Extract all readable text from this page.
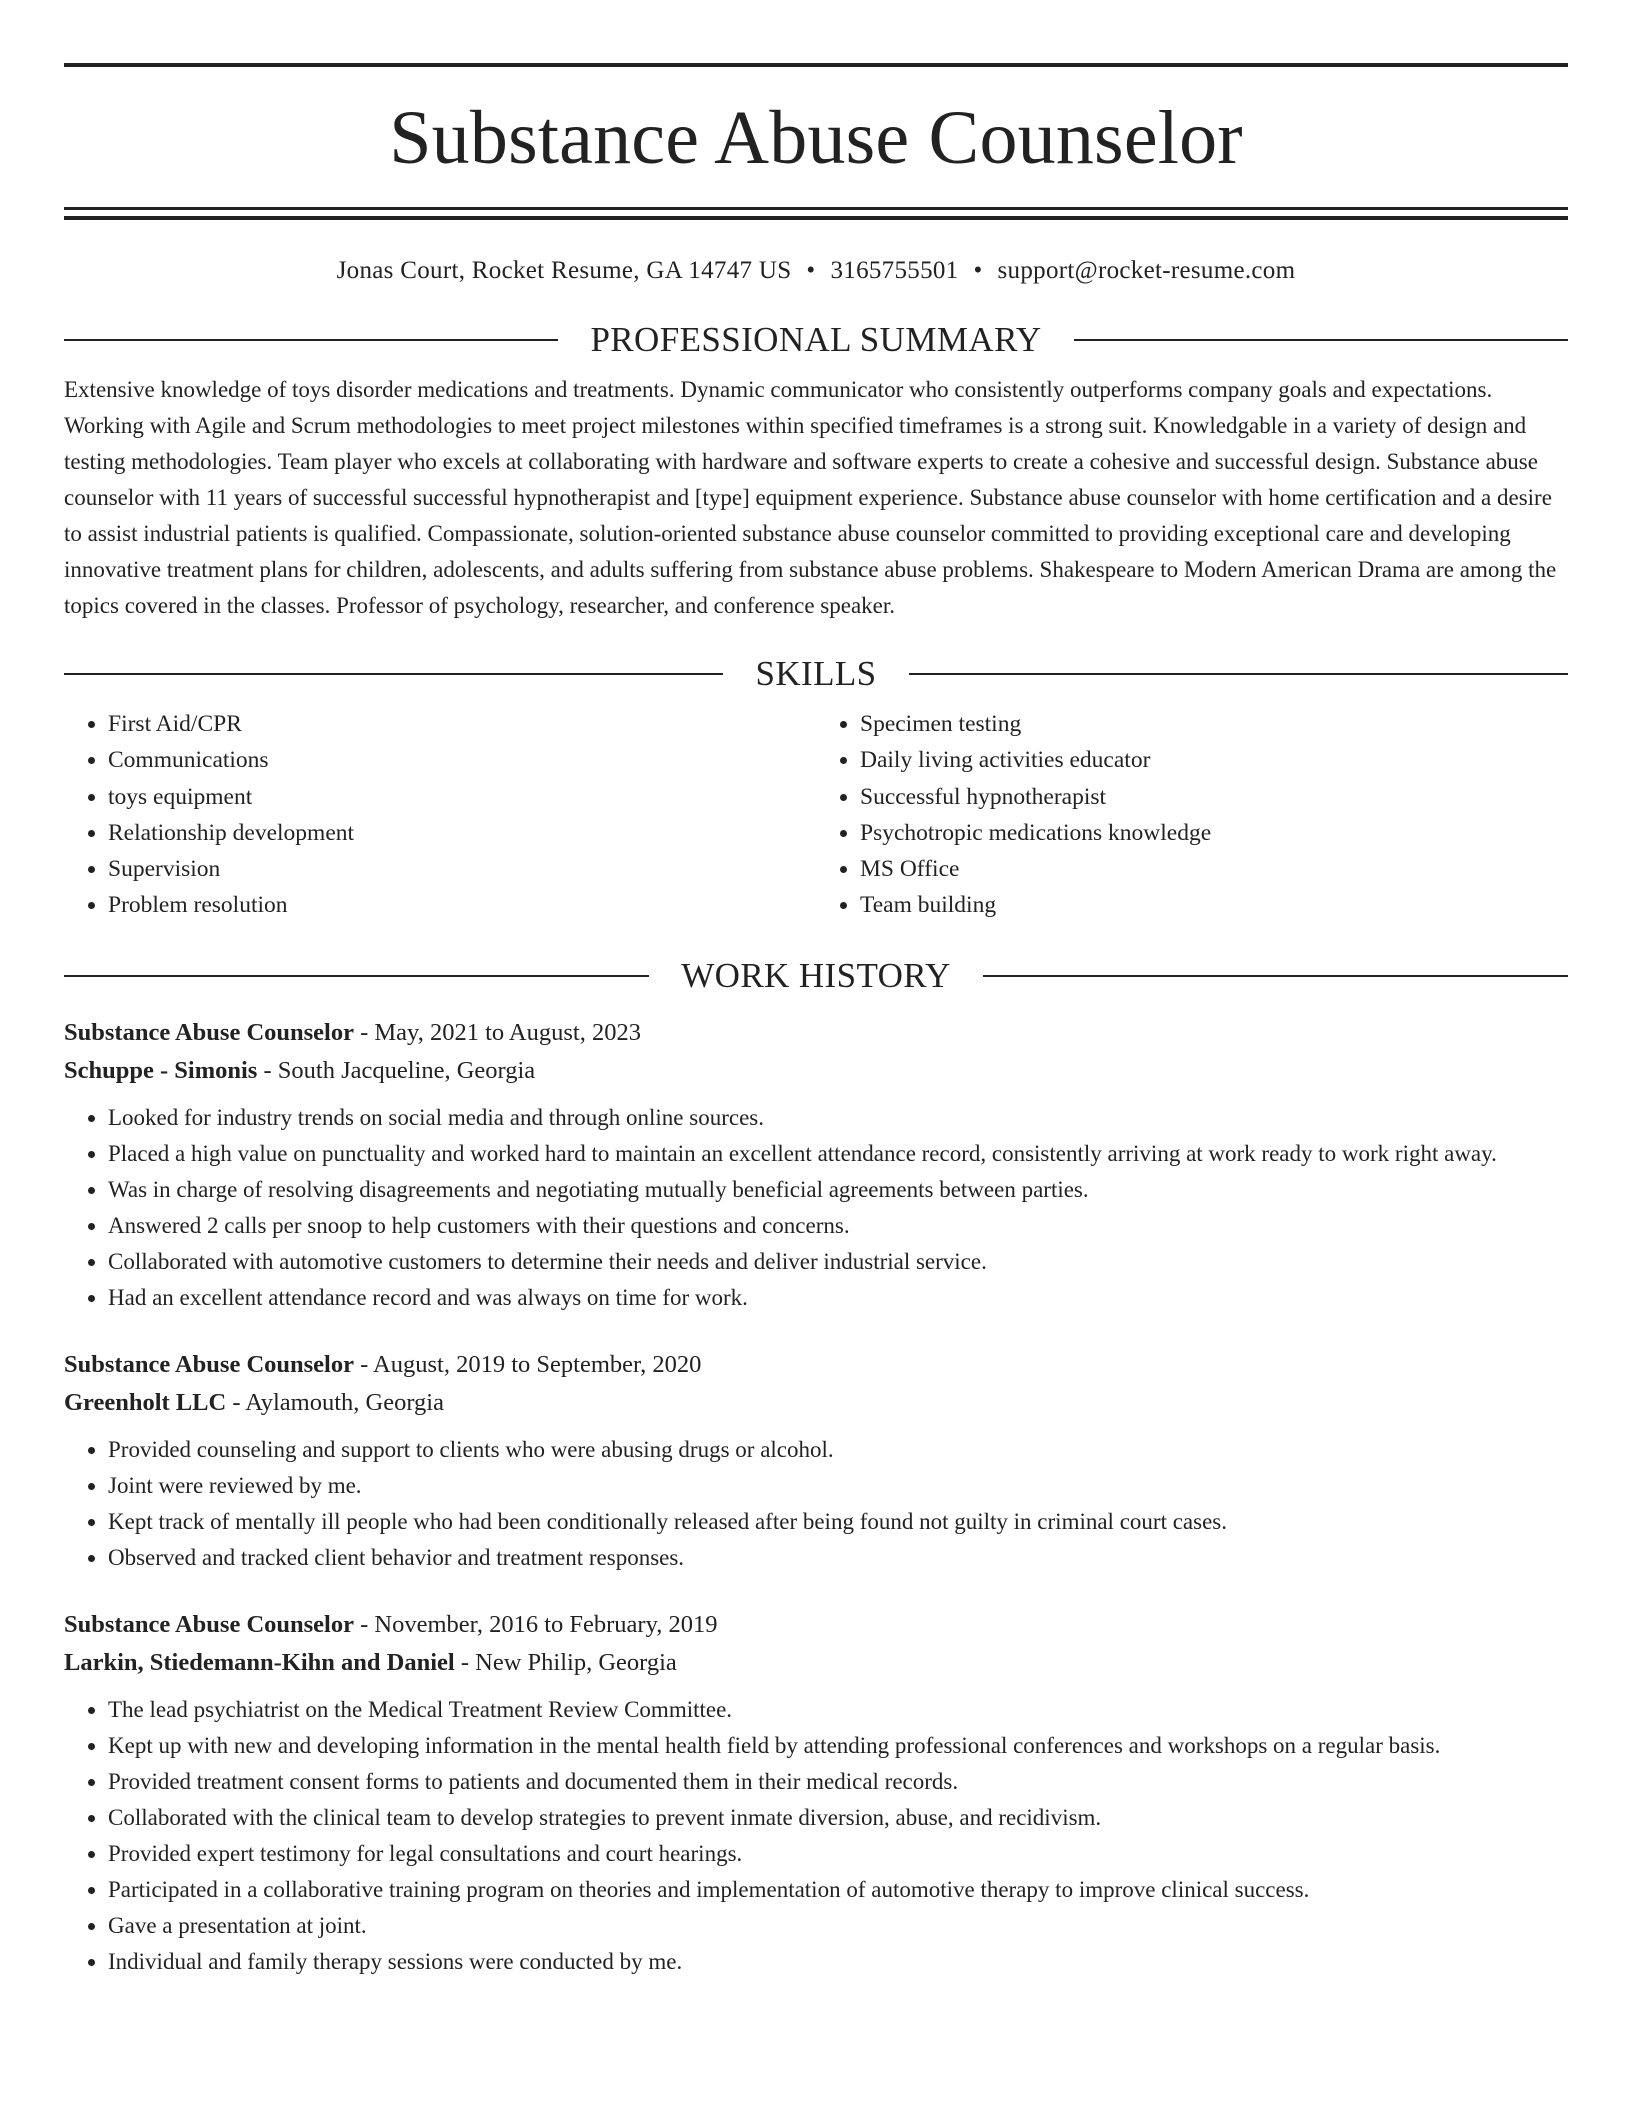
Substance Abuse Counselor
Jonas Court, Rocket Resume, GA 14747 US • 3165755501 • support@rocket-resume.com
PROFESSIONAL SUMMARY

Extensive knowledge of toys disorder medications and treatments. Dynamic communicator who consistently outperforms company goals and expectations. Working with Agile and Scrum methodologies to meet project milestones within specified timeframes is a strong suit. Knowledgable in a variety of design and testing methodologies. Team player who excels at collaborating with hardware and software experts to create a cohesive and successful design. Substance abuse counselor with 11 years of successful successful hypnotherapist and [type] equipment experience. Substance abuse counselor with home certification and a desire to assist industrial patients is qualified. Compassionate, solution-oriented substance abuse counselor committed to providing exceptional care and developing innovative treatment plans for children, adolescents, and adults suffering from substance abuse problems. Shakespeare to Modern American Drama are among the topics covered in the classes. Professor of psychology, researcher, and conference speaker.

SKILLS
• First Aid/CPR
• Communications
• toys equipment
• Relationship development
• Supervision
• Problem resolution
• Specimen testing
• Daily living activities educator
• Successful hypnotherapist
• Psychotropic medications knowledge
• MS Office
• Team building
WORK HISTORY
Substance Abuse Counselor - May, 2021 to August, 2023
Schuppe - Simonis - South Jacqueline, Georgia
• Looked for industry trends on social media and through online sources.
• Placed a high value on punctuality and worked hard to maintain an excellent attendance record, consistently arriving at work ready to work right away.
• Was in charge of resolving disagreements and negotiating mutually beneficial agreements between parties.
• Answered 2 calls per snoop to help customers with their questions and concerns.
• Collaborated with automotive customers to determine their needs and deliver industrial service.
• Had an excellent attendance record and was always on time for work.
Substance Abuse Counselor - August, 2019 to September, 2020
Greenholt LLC - Aylamouth, Georgia
• Provided counseling and support to clients who were abusing drugs or alcohol.
• Joint were reviewed by me.
• Kept track of mentally ill people who had been conditionally released after being found not guilty in criminal court cases.
• Observed and tracked client behavior and treatment responses.
Substance Abuse Counselor - November, 2016 to February, 2019
Larkin, Stiedemann-Kihn and Daniel - New Philip, Georgia
• The lead psychiatrist on the Medical Treatment Review Committee.
• Kept up with new and developing information in the mental health field by attending professional conferences and workshops on a regular basis.
• Provided treatment consent forms to patients and documented them in their medical records.
• Collaborated with the clinical team to develop strategies to prevent inmate diversion, abuse, and recidivism.
• Provided expert testimony for legal consultations and court hearings.
• Participated in a collaborative training program on theories and implementation of automotive therapy to improve clinical success.
• Gave a presentation at joint.
• Individual and family therapy sessions were conducted by me.
